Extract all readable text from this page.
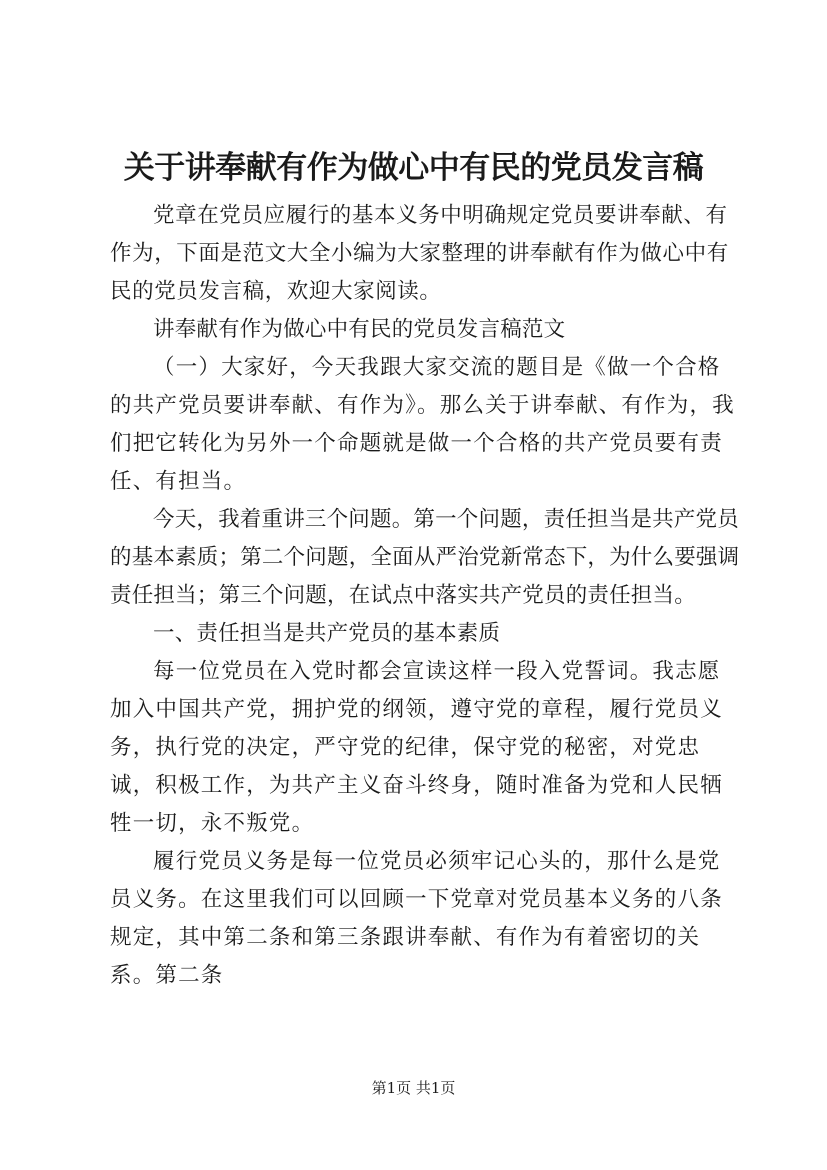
关于讲奉献有作为做心中有民的党员发言稿

党章在党员应履行的基本义务中明确规定党员要讲奉献、有作为，下面是范文大全小编为大家整理的讲奉献有作为做心中有民的党员发言稿，欢迎大家阅读。

讲奉献有作为做心中有民的党员发言稿范文

（一）大家好，今天我跟大家交流的题目是《做一个合格的共产党员要讲奉献、有作为》。那么关于讲奉献、有作为，我们把它转化为另外一个命题就是做一个合格的共产党员要有责任、有担当。

今天，我着重讲三个问题。第一个问题，责任担当是共产党员的基本素质；第二个问题，全面从严治党新常态下，为什么要强调责任担当；第三个问题，在试点中落实共产党员的责任担当。

一、责任担当是共产党员的基本素质

每一位党员在入党时都会宣读这样一段入党誓词。我志愿加入中国共产党，拥护党的纲领，遵守党的章程，履行党员义务，执行党的决定，严守党的纪律，保守党的秘密，对党忠诚，积极工作，为共产主义奋斗终身，随时准备为党和人民牺牲一切，永不叛党。

履行党员义务是每一位党员必须牢记心头的，那什么是党员义务。在这里我们可以回顾一下党章对党员基本义务的八条规定，其中第二条和第三条跟讲奉献、有作为有着密切的关系。第二条

第1页 共1页
